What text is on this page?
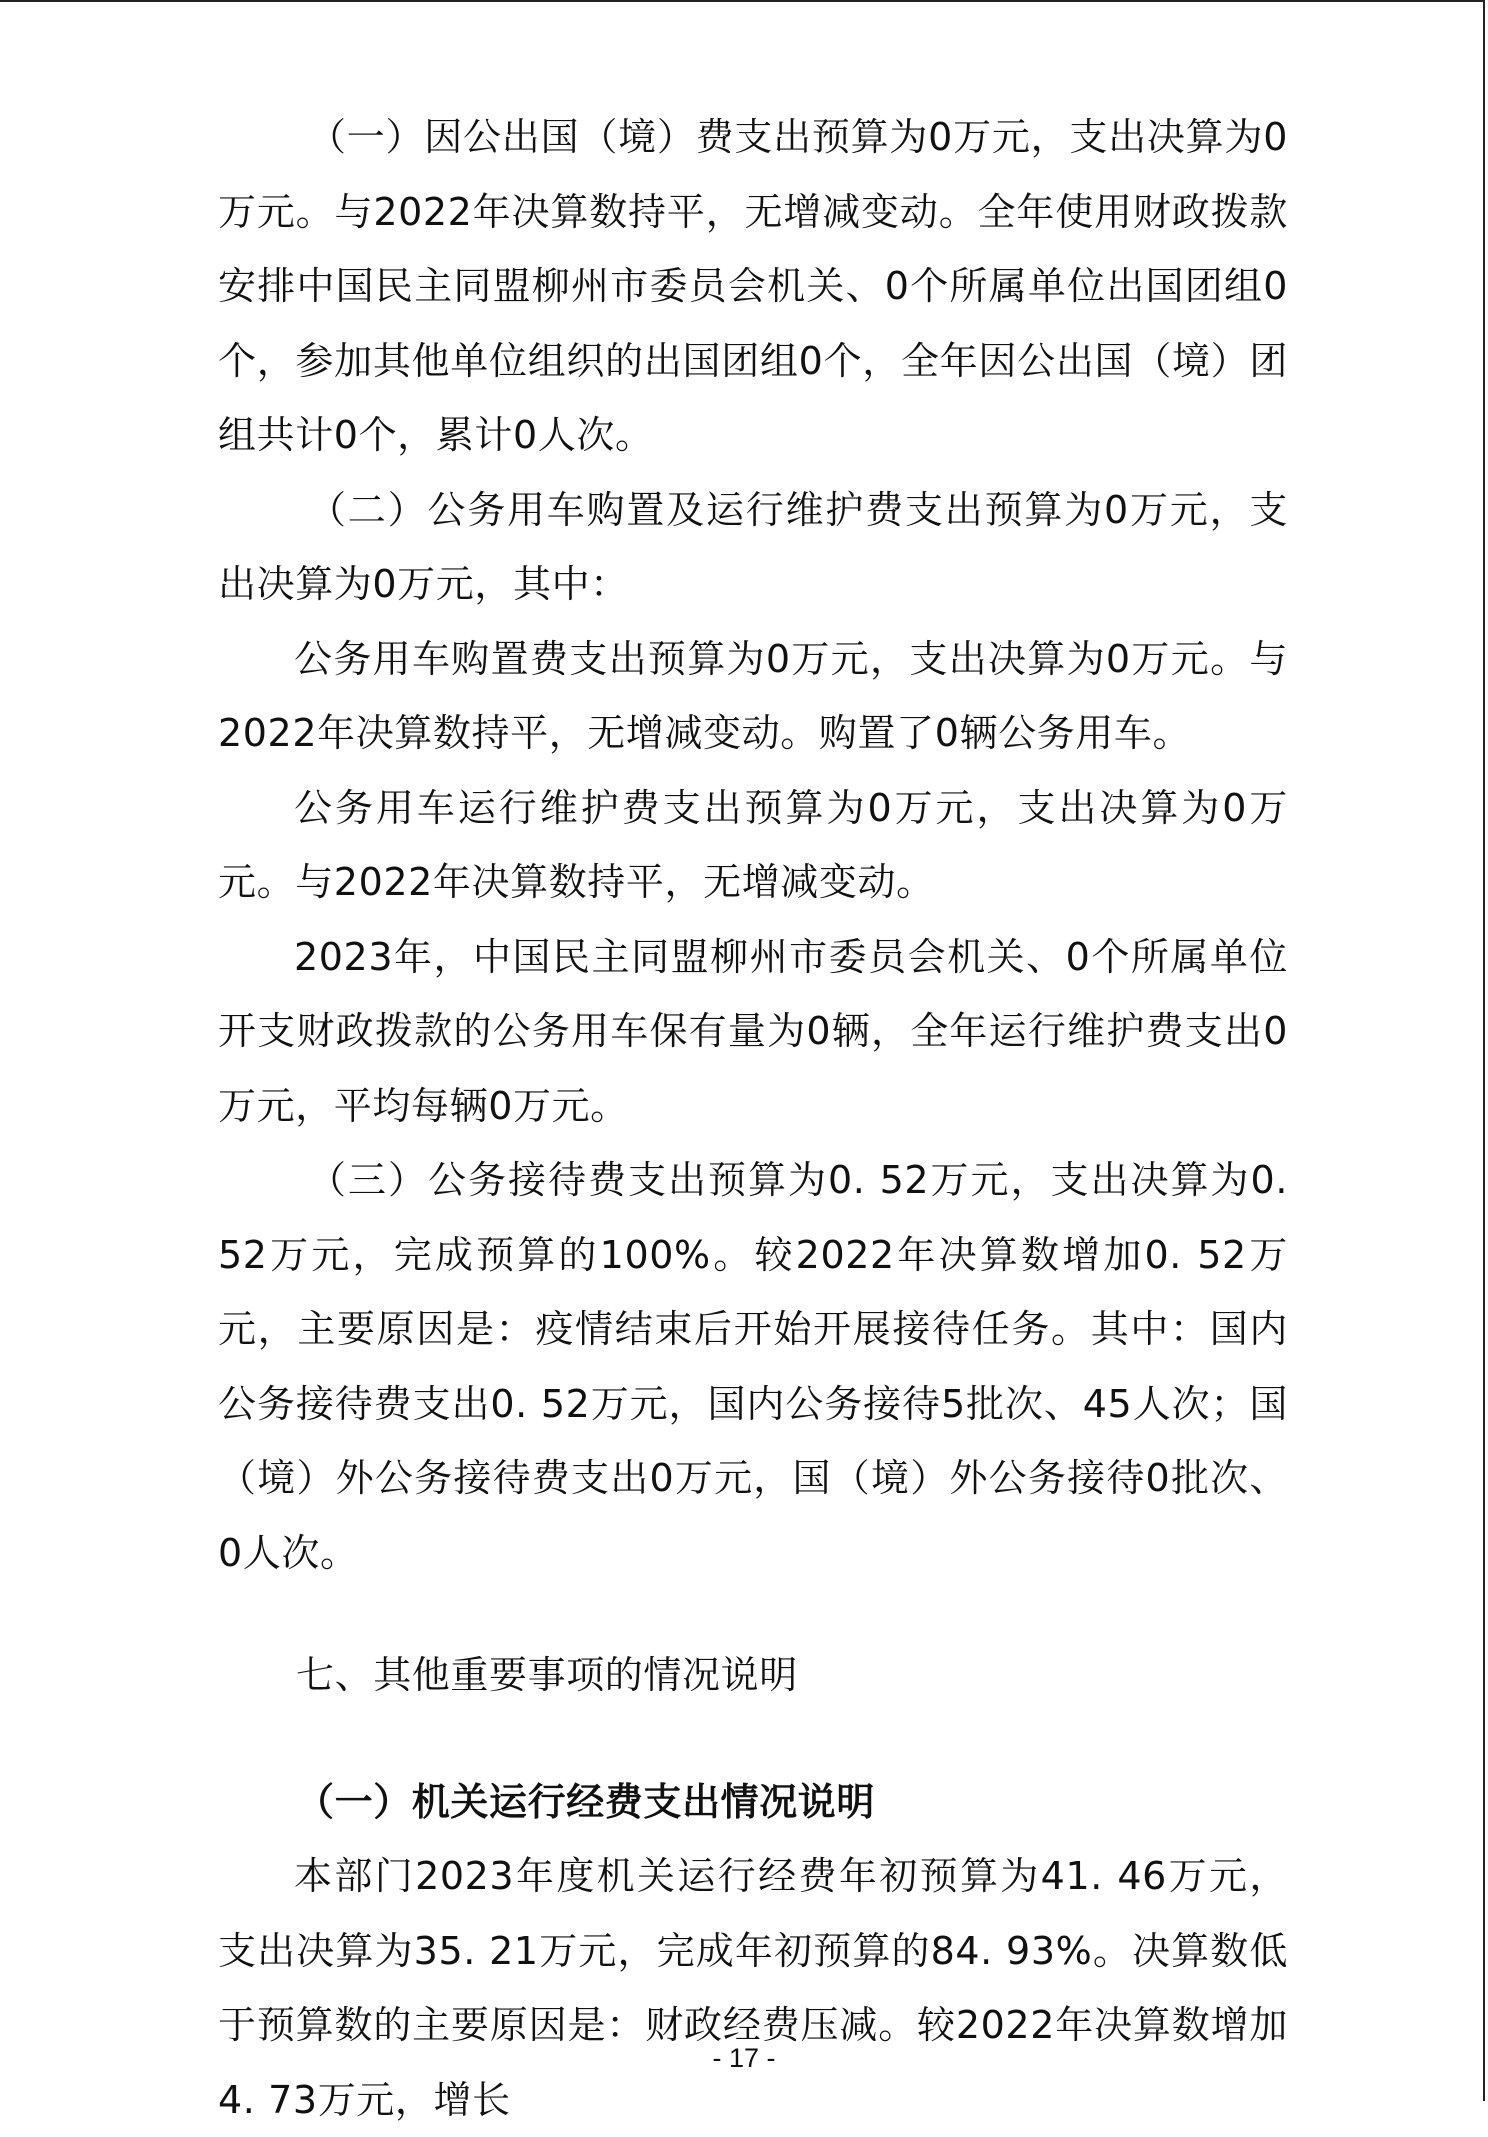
（一）因公出国（境）费支出预算为0万元，支出决算为0万元。与2022年决算数持平，无增减变动。全年使用财政拨款安排中国民主同盟柳州市委员会机关、0个所属单位出国团组0个，参加其他单位组织的出国团组0个，全年因公出国（境）团组共计0个，累计0人次。

（二）公务用车购置及运行维护费支出预算为0万元，支出决算为0万元，其中：

公务用车购置费支出预算为0万元，支出决算为0万元。与2022年决算数持平，无增减变动。购置了0辆公务用车。

公务用车运行维护费支出预算为0万元，支出决算为0万元。与2022年决算数持平，无增减变动。

2023年，中国民主同盟柳州市委员会机关、0个所属单位开支财政拨款的公务用车保有量为0辆，全年运行维护费支出0万元，平均每辆0万元。

（三）公务接待费支出预算为0. 52万元，支出决算为0. 52万元，完成预算的100%。较2022年决算数增加0. 52万元，主要原因是：疫情结束后开始开展接待任务。其中：国内公务接待费支出0. 52万元，国内公务接待5批次、45人次；国（境）外公务接待费支出0万元，国（境）外公务接待0批次、0人次。

七、其他重要事项的情况说明
（一）机关运行经费支出情况说明

本部门2023年度机关运行经费年初预算为41. 46万元，支出决算为35. 21万元，完成年初预算的84. 93%。决算数低于预算数的主要原因是：财政经费压减。较2022年决算数增加4. 73万元，增长

- 17 -
